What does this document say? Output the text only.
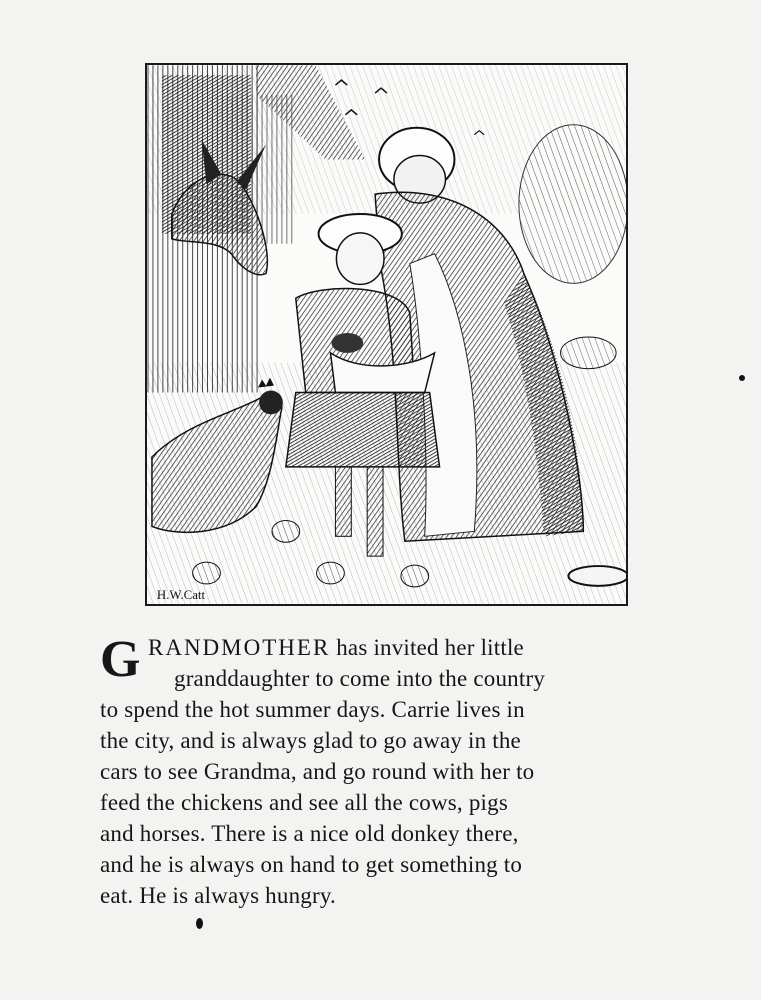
H.W.Catt
G RANDMOTHER has invited her little
granddaughter to come into the country
to spend the hot summer days. Carrie lives in
the city, and is always glad to go away in the
cars to see Grandma, and go round with her to
feed the chickens and see all the cows, pigs
and horses. There is a nice old donkey there,
and he is always on hand to get something to
eat. He is always hungry.
